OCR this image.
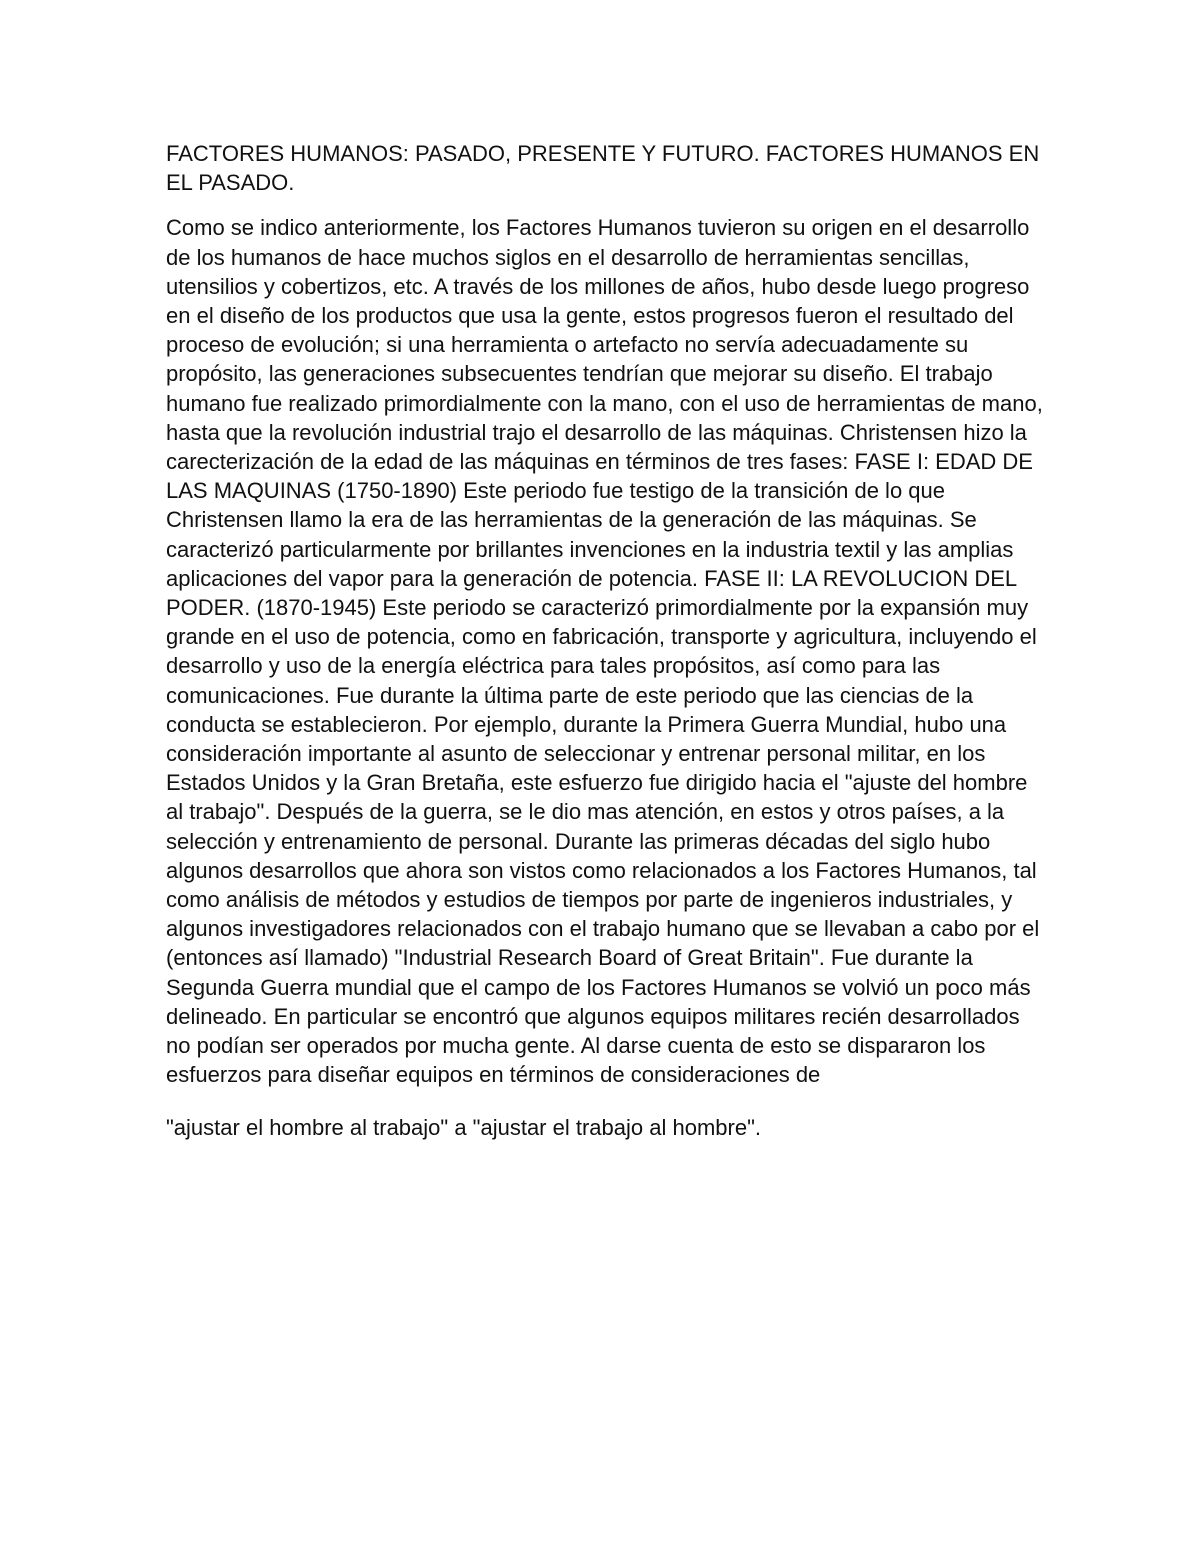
FACTORES HUMANOS: PASADO, PRESENTE Y FUTURO. FACTORES HUMANOS EN EL PASADO.

Como se indico anteriormente, los Factores Humanos tuvieron su origen en el desarrollo de los humanos de hace muchos siglos en el desarrollo de herramientas sencillas, utensilios y cobertizos, etc. A través de los millones de años, hubo desde luego progreso en el diseño de los productos que usa la gente, estos progresos fueron el resultado del proceso de evolución; si una herramienta o artefacto no servía adecuadamente su propósito, las generaciones subsecuentes tendrían que mejorar su diseño. El trabajo humano fue realizado primordialmente con la mano, con el uso de herramientas de mano, hasta que la revolución industrial trajo el desarrollo de las máquinas. Christensen hizo la carecterización de la edad de las máquinas en términos de tres fases: FASE I: EDAD DE LAS MAQUINAS (1750-1890) Este periodo fue testigo de la transición de lo que Christensen llamo la era de las herramientas de la generación de las máquinas. Se caracterizó particularmente por brillantes invenciones en la industria textil y las amplias aplicaciones del vapor para la generación de potencia. FASE II: LA REVOLUCION DEL PODER. (1870-1945) Este periodo se caracterizó primordialmente por la expansión muy grande en el uso de potencia, como en fabricación, transporte y agricultura, incluyendo el desarrollo y uso de la energía eléctrica para tales propósitos, así como para las comunicaciones. Fue durante la última parte de este periodo que las ciencias de la conducta se establecieron. Por ejemplo, durante la Primera Guerra Mundial, hubo una consideración importante al asunto de seleccionar y entrenar personal militar, en los Estados Unidos y la Gran Bretaña, este esfuerzo fue dirigido hacia el "ajuste del hombre al trabajo". Después de la guerra, se le dio mas atención, en estos y otros países, a la selección y entrenamiento de personal. Durante las primeras décadas del siglo hubo algunos desarrollos que ahora son vistos como relacionados a los Factores Humanos, tal como análisis de métodos y estudios de tiempos por parte de ingenieros industriales, y algunos investigadores relacionados con el trabajo humano que se llevaban a cabo por el (entonces así llamado) "Industrial Research Board of Great Britain". Fue durante la Segunda Guerra mundial que el campo de los Factores Humanos se volvió un poco más delineado. En particular se encontró que algunos equipos militares recién desarrollados no podían ser operados por mucha gente. Al darse cuenta de esto se dispararon los esfuerzos para diseñar equipos en términos de consideraciones de

"ajustar el hombre al trabajo" a "ajustar el trabajo al hombre".
